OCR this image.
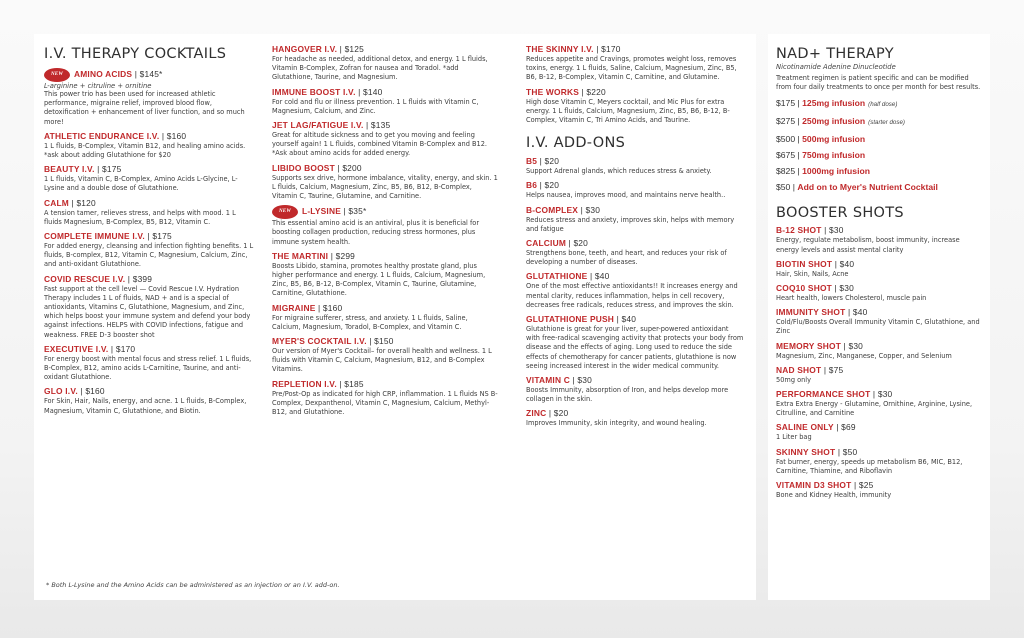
I.V. THERAPY COCKTAILS
NEW AMINO ACIDS | $145*
L-arginine + citruline + ornitine
This power trio has been used for increased athletic performance, migraine relief, improved blood flow, detoxification + enhancement of liver function, and so much more!
ATHLETIC ENDURANCE I.V. | $160
1 L fluids, B-Complex, Vitamin B12, and healing amino acids. *ask about adding Glutathione for $20
BEAUTY I.V. | $175
1 L fluids, Vitamin C, B-Complex, Amino Acids L-Glycine, L-Lysine and a double dose of Glutathione.
CALM | $120
A tension tamer, relieves stress, and helps with mood. 1 L fluids Magnesium, B-Complex, B5, B12, Vitamin C.
COMPLETE IMMUNE I.V. | $175
For added energy, cleansing and infection fighting benefits. 1 L fluids, B-complex, B12, Vitamin C, Magnesium, Calcium, Zinc, and anti-oxidant Glutathione.
COVID RESCUE I.V. | $399
Fast support at the cell level — Covid Rescue I.V. Hydration Therapy includes 1 L of fluids, NAD + and is a special of antioxidants, Vitamins C, Glutathione, Magnesium, and Zinc, which helps boost your immune system and defend your body against infections. HELPS with COVID infections, fatigue and weakness. FREE D-3 booster shot
EXECUTIVE I.V. | $170
For energy boost with mental focus and stress relief. 1 L fluids, B-Complex, B12, amino acids L-Carnitine, Taurine, and anti-oxidant Glutathione.
GLO I.V. | $160
For Skin, Hair, Nails, energy, and acne. 1 L fluids, B-Complex, Magnesium, Vitamin C, Glutathione, and Biotin.
HANGOVER I.V. | $125
For headache as needed, additional detox, and energy. 1 L fluids, Vitamin B-Complex, Zofran for nausea and Toradol. *add Glutathione, Taurine, and Magnesium.
IMMUNE BOOST I.V. | $140
For cold and flu or illness prevention. 1 L fluids with Vitamin C, Magnesium, Calcium, and Zinc.
JET LAG/FATIGUE I.V. | $135
Great for altitude sickness and to get you moving and feeling yourself again! 1 L fluids, combined Vitamin B-Complex and B12. *Ask about amino acids for added energy.
LIBIDO BOOST | $200
Supports sex drive, hormone imbalance, vitality, energy, and skin. 1 L fluids, Calcium, Magnesium, Zinc, B5, B6, B12, B-Complex, Vitamin C, Taurine, Glutamine, and Carnitine.
NEW L-LYSINE | $35*
This essential amino acid is an antiviral, plus it is beneficial for boosting collagen production, reducing stress hormones, plus immune system health.
THE MARTINI | $299
Boosts Libido, stamina, promotes healthy prostate gland, plus higher performance and energy. 1 L fluids, Calcium, Magnesium, Zinc, B5, B6, B-12, B-Complex, Vitamin C, Taurine, Glutamine, Carnitine, Glutathione.
MIGRAINE | $160
For migraine sufferer, stress, and anxiety. 1 L fluids, Saline, Calcium, Magnesium, Toradol, B-Complex, and Vitamin C.
MYER'S COCKTAIL I.V. | $150
Our version of Myer's Cocktail– for overall health and wellness. 1 L fluids with Vitamin C, Calcium, Magnesium, B12, and B-Complex Vitamins.
REPLETION I.V. | $185
Pre/Post-Op as indicated for high CRP, inflammation. 1 L fluids NS B-Complex, Dexpanthenol, Vitamin C, Magnesium, Calcium, Methyl-B12, and Glutathione.
THE SKINNY I.V. | $170
Reduces appetite and Cravings, promotes weight loss, removes toxins, energy. 1 L fluids, Saline, Calcium, Magnesium, Zinc, B5, B6, B-12, B-Complex, Vitamin C, Carnitine, and Glutamine.
THE WORKS | $220
High dose Vitamin C, Meyers cocktail, and Mic Plus for extra energy. 1 L fluids, Calcium, Magnesium, Zinc, B5, B6, B-12, B-Complex, Vitamin C, Tri Amino Acids, and Taurine.
I.V. ADD-ONS
B5 | $20
Support Adrenal glands, which reduces stress & anxiety.
B6 | $20
Helps nausea, improves mood, and maintains nerve health..
B-COMPLEX | $30
Reduces stress and anxiety, improves skin, helps with memory and fatigue
CALCIUM | $20
Strengthens bone, teeth, and heart, and reduces your risk of developing a number of diseases.
GLUTATHIONE | $40
One of the most effective antioxidants!! It increases energy and mental clarity, reduces inflammation, helps in cell recovery, decreases free radicals, reduces stress, and improves the skin.
GLUTATHIONE PUSH | $40
Glutathione is great for your liver, super-powered antioxidant with free-radical scavenging activity that protects your body from disease and the effects of aging. Long used to reduce the side effects of chemotherapy for cancer patients, glutathione is now seeing increased interest in the wider medical community.
VITAMIN C | $30
Boosts Immunity, absorption of Iron, and helps develop more collagen in the skin.
ZINC | $20
Improves Immunity, skin integrity, and wound healing.
* Both L-Lysine and the Amino Acids can be administered as an injection or an I.V. add-on.
NAD+ THERAPY
Nicotinamide Adenine Dinucleotide
Treatment regimen is patient specific and can be modified from four daily treatments to once per month for best results.
$175 | 125mg infusion (half dose)
$275 | 250mg infusion (starter dose)
$500 | 500mg infusion
$675 | 750mg infusion
$825 | 1000mg infusion
$50 | Add on to Myer's Nutrient Cocktail
BOOSTER SHOTS
B-12 SHOT | $30
Energy, regulate metabolism, boost immunity, increase energy levels and assist mental clarity
BIOTIN SHOT | $40
Hair, Skin, Nails, Acne
COQ10 SHOT | $30
Heart health, lowers Cholesterol, muscle pain
IMMUNITY SHOT | $40
Cold/Flu/Boosts Overall Immunity Vitamin C, Glutathione, and Zinc
MEMORY SHOT | $30
Magnesium, Zinc, Manganese, Copper, and Selenium
NAD SHOT | $75
50mg only
PERFORMANCE SHOT | $30
Extra Extra Energy - Glutamine, Ornithine, Arginine, Lysine, Citrulline, and Carnitine
SALINE ONLY | $69
1 Liter bag
SKINNY SHOT | $50
Fat burner, energy, speeds up metabolism B6, MIC, B12, Carnitine, Thiamine, and Riboflavin
VITAMIN D3 SHOT | $25
Bone and Kidney Health, immunity
